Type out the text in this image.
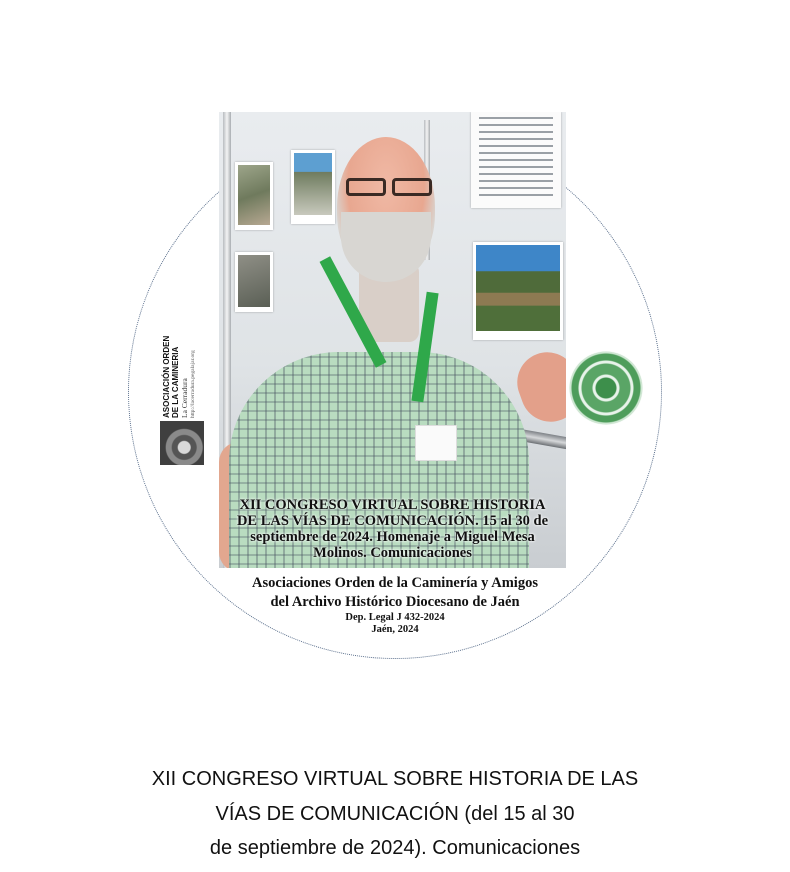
XII CONGRESO VIRTUAL SOBRE HISTORIA
DE LAS VÍAS DE COMUNICACIÓN. 15 al 30 de
septiembre de 2024. Homenaje a Miguel Mesa
Molinos. Comunicaciones
Asociaciones Orden de la Caminería y Amigos
del Archivo Histórico Diocesano de Jaén
Dep. Legal J 432-2024
Jaén, 2024
ASOCIACIÓN ORDEN DE LA CAMINERIA La Cerradura http://lacerradura.pegalajar.org
XII CONGRESO VIRTUAL SOBRE HISTORIA DE LAS
VÍAS DE COMUNICACIÓN (del 15 al 30
de septiembre de 2024). Comunicaciones
